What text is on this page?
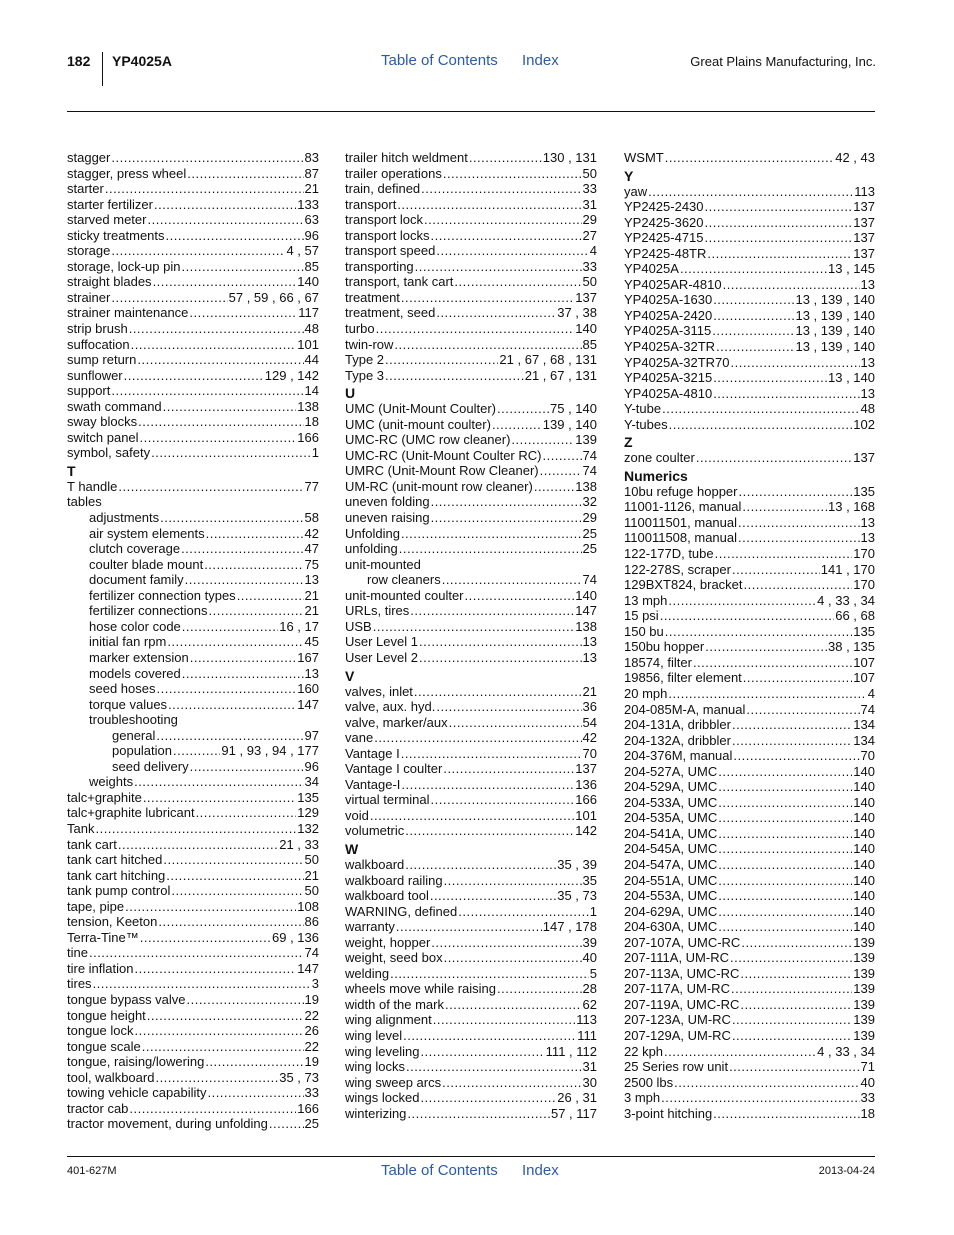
182 YP4025A	Table of Contents Index	Great Plains Manufacturing, Inc.
stagger .....	83
stagger, press wheel .....	87
starter .....	21
starter fertilizer .....	133
starved meter .....	63
sticky treatments .....	96
storage .....	4 , 57
storage, lock-up pin .....	85
straight blades .....	140
strainer .....	57 , 59 , 66 , 67
strainer maintenance .....	117
strip brush .....	48
suffocation .....	101
sump return .....	44
sunflower .....	129 , 142
support .....	14
swath command .....	138
sway blocks .....	18
switch panel .....	166
symbol, safety .....	1
T
T handle .....	77
tables
adjustments .....	58
air system elements .....	42
clutch coverage .....	47
coulter blade mount .....	75
document family .....	13
fertilizer connection types .....	21
fertilizer connections .....	21
hose color code .....	16 , 17
initial fan rpm .....	45
marker extension .....	167
models covered .....	13
seed hoses .....	160
torque values .....	147
troubleshooting
general .....	97
population .....	91 , 93 , 94 , 177
seed delivery .....	96
weights .....	34
talc+graphite .....	135
talc+graphite lubricant .....	129
Tank .....	132
tank cart .....	21 , 33
tank cart hitched .....	50
tank cart hitching .....	21
tank pump control .....	50
tape, pipe .....	108
tension, Keeton .....	86
Terra-Tine™ .....	69 , 136
tine .....	74
tire inflation .....	147
tires .....	3
tongue bypass valve .....	19
tongue height .....	22
tongue lock .....	26
tongue scale .....	22
tongue, raising/lowering .....	19
tool, walkboard .....	35 , 73
towing vehicle capability .....	33
tractor cab .....	166
tractor movement, during unfolding .....	25
trailer hitch weldment .....	130 , 131
trailer operations .....	50
train, defined .....	33
transport .....	31
transport lock .....	29
transport locks .....	27
transport speed .....	4
transporting .....	33
transport, tank cart .....	50
treatment .....	137
treatment, seed .....	37 , 38
turbo .....	140
twin-row .....	85
Type 2 .....	21 , 67 , 68 , 131
Type 3 .....	21 , 67 , 131
U
UMC (Unit-Mount Coulter) .....	75 , 140
UMC (unit-mount coulter) .....	139 , 140
UMC-RC (UMC row cleaner) .....	139
UMC-RC (Unit-Mount Coulter RC) .....	74
UMRC (Unit-Mount Row Cleaner) .....	74
UM-RC (unit-mount row cleaner) .....	138
uneven folding .....	32
uneven raising .....	29
Unfolding .....	25
unfolding .....	25
unit-mounted
row cleaners .....	74
unit-mounted coulter .....	140
URLs, tires .....	147
USB .....	138
User Level 1 .....	13
User Level 2 .....	13
V
valves, inlet .....	21
valve, aux. hyd. .....	36
valve, marker/aux .....	54
vane .....	42
Vantage I .....	70
Vantage I coulter .....	137
Vantage-I .....	136
virtual terminal .....	166
void .....	101
volumetric .....	142
W
walkboard .....	35 , 39
walkboard railing .....	35
walkboard tool .....	35 , 73
WARNING, defined .....	1
warranty .....	147 , 178
weight, hopper .....	39
weight, seed box .....	40
welding .....	5
wheels move while raising .....	28
width of the mark .....	62
wing alignment .....	113
wing level .....	111
wing leveling .....	111 , 112
wing locks .....	31
wing sweep arcs .....	30
wings locked .....	26 , 31
winterizing .....	57 , 117
WSMT .....	42 , 43
Y
yaw .....	113
YP2425-2430 .....	137
YP2425-3620 .....	137
YP2425-4715 .....	137
YP2425-48TR .....	137
YP4025A .....	13 , 145
YP4025AR-4810 .....	13
YP4025A-1630 .....	13 , 139 , 140
YP4025A-2420 .....	13 , 139 , 140
YP4025A-3115 .....	13 , 139 , 140
YP4025A-32TR .....	13 , 139 , 140
YP4025A-32TR70 .....	13
YP4025A-3215 .....	13 , 140
YP4025A-4810 .....	13
Y-tube .....	48
Y-tubes .....	102
Z
zone coulter .....	137
Numerics
10bu refuge hopper .....	135
11001-1126, manual .....	13 , 168
110011501, manual .....	13
110011508, manual .....	13
122-177D, tube .....	170
122-278S, scraper .....	141 , 170
129BXT824, bracket .....	170
13 mph .....	4 , 33 , 34
15 psi .....	66 , 68
150 bu .....	135
150bu hopper .....	38 , 135
18574, filter .....	107
19856, filter element .....	107
20 mph .....	4
204-085M-A, manual .....	74
204-131A, dribbler .....	134
204-132A, dribbler .....	134
204-376M, manual .....	70
204-527A, UMC .....	140
204-529A, UMC .....	140
204-533A, UMC .....	140
204-535A, UMC .....	140
204-541A, UMC .....	140
204-545A, UMC .....	140
204-547A, UMC .....	140
204-551A, UMC .....	140
204-553A, UMC .....	140
204-629A, UMC .....	140
204-630A, UMC .....	140
207-107A, UMC-RC .....	139
207-111A, UM-RC .....	139
207-113A, UMC-RC .....	139
207-117A, UM-RC .....	139
207-119A, UMC-RC .....	139
207-123A, UM-RC .....	139
207-129A, UM-RC .....	139
22 kph .....	4 , 33 , 34
25 Series row unit .....	71
2500 lbs .....	40
3 mph .....	33
3-point hitching .....	18
401-627M	Table of Contents Index	2013-04-24
